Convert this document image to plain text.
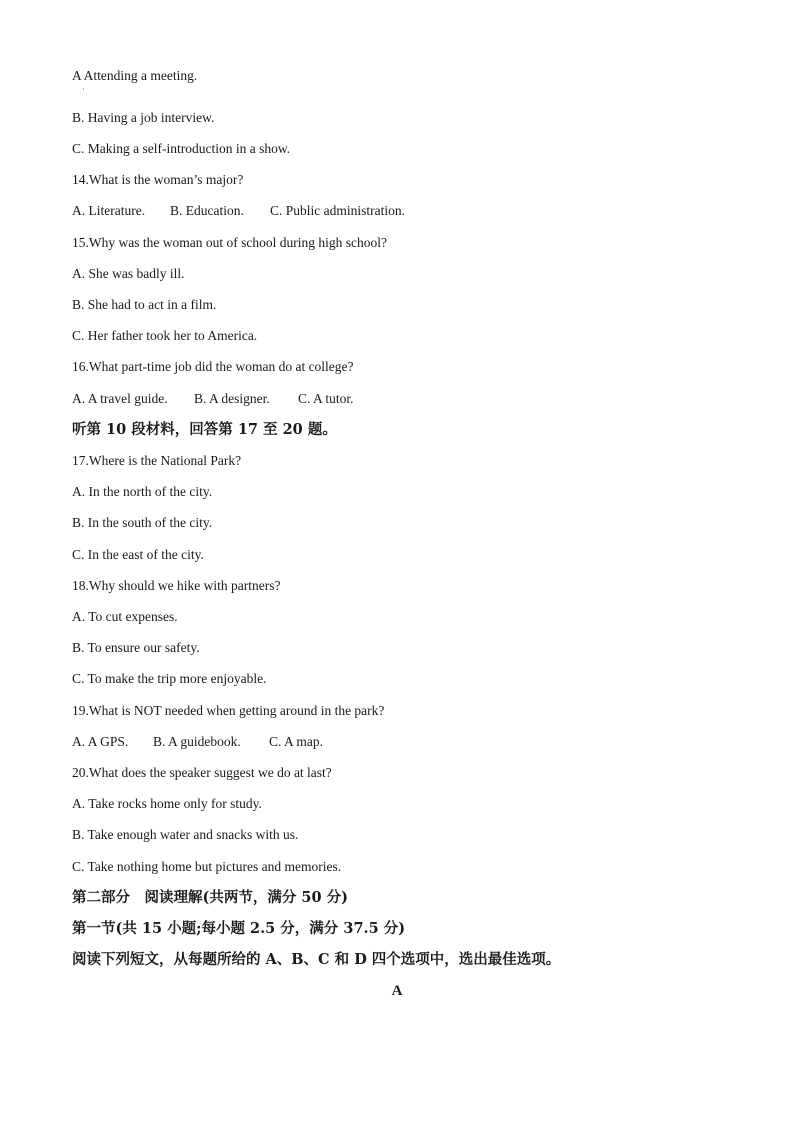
A Attending a meeting.
·
B. Having a job interview.
C. Making a self-introduction in a show.
14.What is the woman’s major?
A. Literature. B. Education. C. Public administration.
15.Why was the woman out of school during high school?
A. She was badly ill.
B. She had to act in a film.
C. Her father took her to America.
16.What part-time job did the woman do at college?
A. A travel guide. B. A designer. C. A tutor.
听第 10 段材料，回答第 17 至 20 题。
17.Where is the National Park?
A. In the north of the city.
B. In the south of the city.
C. In the east of the city.
18.Why should we hike with partners?
A. To cut expenses.
B. To ensure our safety.
C. To make the trip more enjoyable.
19.What is NOT needed when getting around in the park?
A. A GPS. B. A guidebook. C. A map.
20.What does the speaker suggest we do at last?
A. Take rocks home only for study.
B. Take enough water and snacks with us.
C. Take nothing home but pictures and memories.
第二部分　阅读理解(共两节，满分 50 分)
第一节(共 15 小题;每小题 2.5 分，满分 37.5 分)
阅读下列短文，从每题所给的 A、B、C 和 D 四个选项中，选出最佳选项。
A
